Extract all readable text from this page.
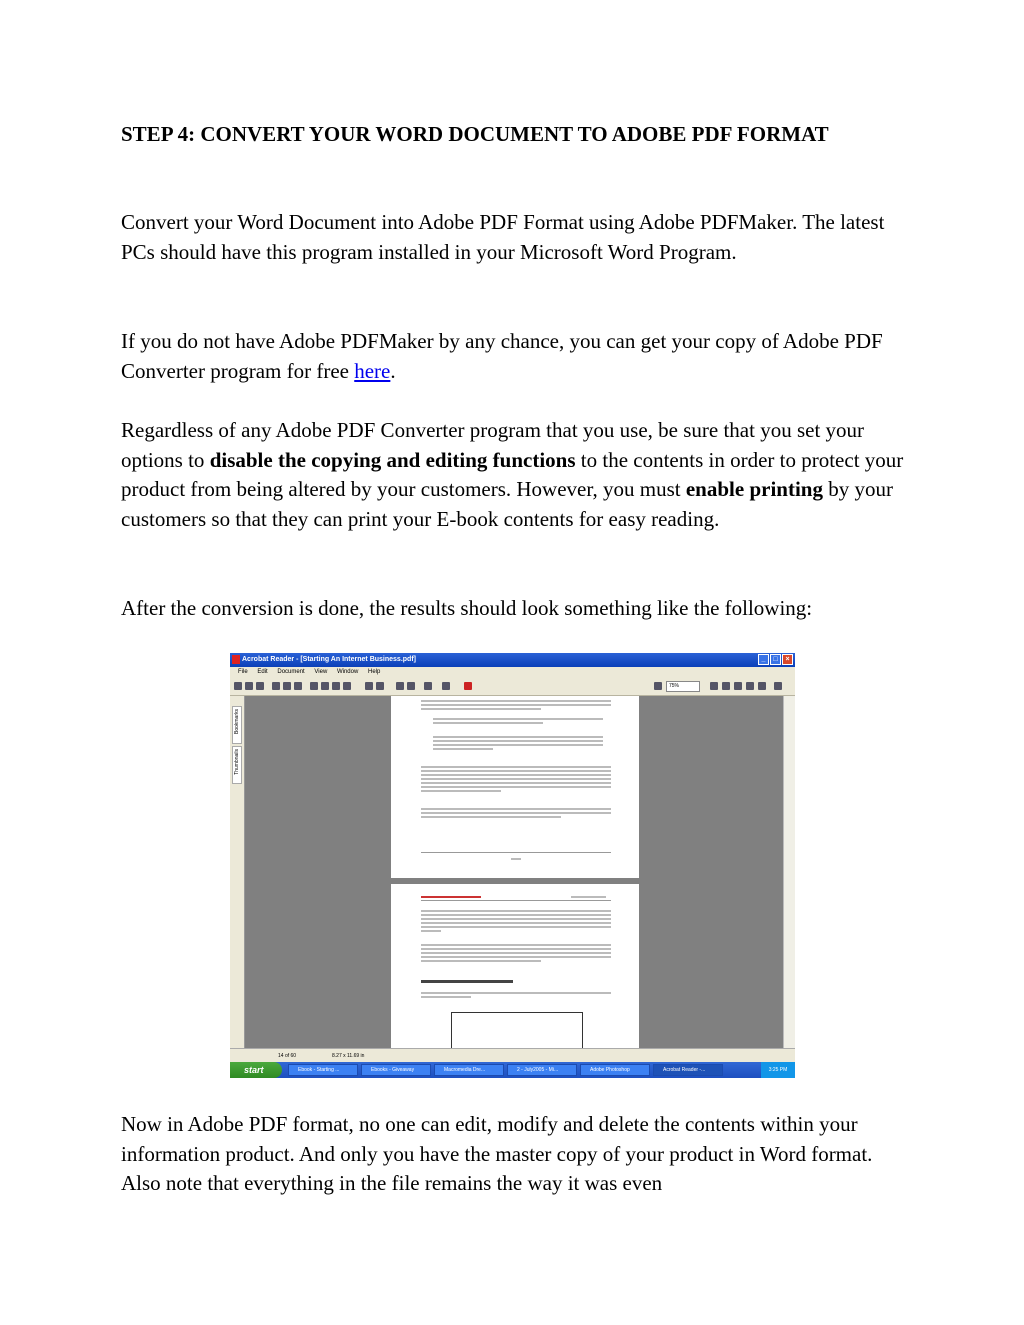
STEP 4: CONVERT YOUR WORD DOCUMENT TO ADOBE PDF FORMAT

Convert your Word Document into Adobe PDF Format using Adobe PDFMaker. The latest PCs should have this program installed in your Microsoft Word Program.

If you do not have Adobe PDFMaker by any chance, you can get your copy of Adobe PDF Converter program for free here.

Regardless of any Adobe PDF Converter program that you use, be sure that you set your options to disable the copying and editing functions to the contents in order to protect your product from being altered by your customers. However, you must enable printing by your customers so that they can print your E-book contents for easy reading.

After the conversion is done, the results should look something like the following:

Acrobat Reader - [Starting An Internet Business.pdf]	_	□	×
File Edit Document View Window Help
75%
Bookmarks
Thumbnails
14 of 60	8.27 x 11.69 in
start	Ebook - Starting ...	Ebooks - Giveaway	Macromedia Dre...	2 - July2005 - Mi...	Adobe Photoshop	Acrobat Reader -...	3:25 PM

Now in Adobe PDF format, no one can edit, modify and delete the contents within your information product. And only you have the master copy of your product in Word format. Also note that everything in the file remains the way it was even
